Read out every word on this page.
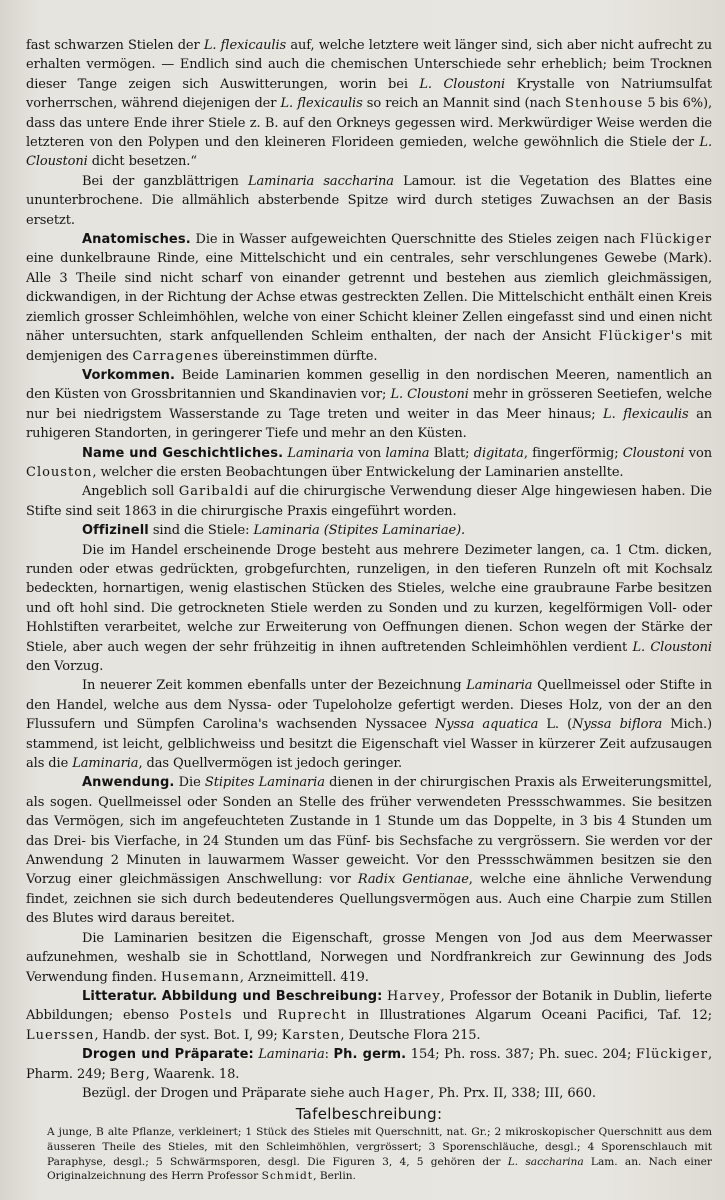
fast schwarzen Stielen der L. flexicaulis auf, welche letztere weit länger sind, sich aber nicht aufrecht zu erhalten vermögen. — Endlich sind auch die chemischen Unterschiede sehr erheblich; beim Trocknen dieser Tange zeigen sich Auswitterungen, worin bei L. Cloustoni Krystalle von Natriumsulfat vorherrschen, während diejenigen der L. flexicaulis so reich an Mannit sind (nach Stenhouse 5 bis 6%), dass das untere Ende ihrer Stiele z. B. auf den Orkneys gegessen wird. Merkwürdiger Weise werden die letzteren von den Polypen und den kleineren Florideen gemieden, welche gewöhnlich die Stiele der L. Cloustoni dicht besetzen.“

Bei der ganzblättrigen Laminaria saccharina Lamour. ist die Vegetation des Blattes eine ununterbrochene. Die allmählich absterbende Spitze wird durch stetiges Zuwachsen an der Basis ersetzt.

Anatomisches. Die in Wasser aufgeweichten Querschnitte des Stieles zeigen nach Flückiger eine dunkelbraune Rinde, eine Mittelschicht und ein centrales, sehr verschlungenes Gewebe (Mark). Alle 3 Theile sind nicht scharf von einander getrennt und bestehen aus ziemlich gleichmässigen, dickwandigen, in der Richtung der Achse etwas gestreckten Zellen. Die Mittelschicht enthält einen Kreis ziemlich grosser Schleimhöhlen, welche von einer Schicht kleiner Zellen eingefasst sind und einen nicht näher untersuchten, stark anfquellenden Schleim enthalten, der nach der Ansicht Flückiger's mit demjenigen des Carragenes übereinstimmen dürfte.

Vorkommen. Beide Laminarien kommen gesellig in den nordischen Meeren, namentlich an den Küsten von Grossbritannien und Skandinavien vor; L. Cloustoni mehr in grösseren Seetiefen, welche nur bei niedrigstem Wasserstande zu Tage treten und weiter in das Meer hinaus; L. flexicaulis an ruhigeren Standorten, in geringerer Tiefe und mehr an den Küsten.

Name und Geschichtliches. Laminaria von lamina Blatt; digitata, fingerförmig; Cloustoni von Clouston, welcher die ersten Beobachtungen über Entwickelung der Laminarien anstellte.

Angeblich soll Garibaldi auf die chirurgische Verwendung dieser Alge hingewiesen haben. Die Stifte sind seit 1863 in die chirurgische Praxis eingeführt worden.

Offizinell sind die Stiele: Laminaria (Stipites Laminariae).

Die im Handel erscheinende Droge besteht aus mehrere Dezimeter langen, ca. 1 Ctm. dicken, runden oder etwas gedrückten, grobgefurchten, runzeligen, in den tieferen Runzeln oft mit Kochsalz bedeckten, hornartigen, wenig elastischen Stücken des Stieles, welche eine graubraune Farbe besitzen und oft hohl sind. Die getrockneten Stiele werden zu Sonden und zu kurzen, kegelförmigen Voll- oder Hohlstiften verarbeitet, welche zur Erweiterung von Oeffnungen dienen. Schon wegen der Stärke der Stiele, aber auch wegen der sehr frühzeitig in ihnen auftretenden Schleimhöhlen verdient L. Cloustoni den Vorzug.

In neuerer Zeit kommen ebenfalls unter der Bezeichnung Laminaria Quellmeissel oder Stifte in den Handel, welche aus dem Nyssa- oder Tupeloholze gefertigt werden. Dieses Holz, von der an den Flussufern und Sümpfen Carolina's wachsenden Nyssacee Nyssa aquatica L. (Nyssa biflora Mich.) stammend, ist leicht, gelblichweiss und besitzt die Eigenschaft viel Wasser in kürzerer Zeit aufzusaugen als die Laminaria, das Quellvermögen ist jedoch geringer.

Anwendung. Die Stipites Laminaria dienen in der chirurgischen Praxis als Erweiterungsmittel, als sogen. Quellmeissel oder Sonden an Stelle des früher verwendeten Pressschwammes. Sie besitzen das Vermögen, sich im angefeuchteten Zustande in 1 Stunde um das Doppelte, in 3 bis 4 Stunden um das Drei- bis Vierfache, in 24 Stunden um das Fünf- bis Sechsfache zu vergrössern. Sie werden vor der Anwendung 2 Minuten in lauwarmem Wasser geweicht. Vor den Pressschwämmen besitzen sie den Vorzug einer gleichmässigen Anschwellung: vor Radix Gentianae, welche eine ähnliche Verwendung findet, zeichnen sie sich durch bedeutenderes Quellungsvermögen aus. Auch eine Charpie zum Stillen des Blutes wird daraus bereitet.

Die Laminarien besitzen die Eigenschaft, grosse Mengen von Jod aus dem Meerwasser aufzunehmen, weshalb sie in Schottland, Norwegen und Nordfrankreich zur Gewinnung des Jods Verwendung finden. Husemann, Arzneimittell. 419.

Litteratur. Abbildung und Beschreibung: Harvey, Professor der Botanik in Dublin, lieferte Abbildungen; ebenso Postels und Ruprecht in Illustrationes Algarum Oceani Pacifici, Taf. 12; Luerssen, Handb. der syst. Bot. I, 99; Karsten, Deutsche Flora 215.

Drogen und Präparate: Laminaria: Ph. germ. 154; Ph. ross. 387; Ph. suec. 204; Flückiger, Pharm. 249; Berg, Waarenk. 18.

Bezügl. der Drogen und Präparate siehe auch Hager, Ph. Prx. II, 338; III, 660.

Tafelbeschreibung:

A junge, B alte Pflanze, verkleinert; 1 Stück des Stieles mit Querschnitt, nat. Gr.; 2 mikroskopischer Querschnitt aus dem äusseren Theile des Stieles, mit den Schleimhöhlen, vergrössert; 3 Sporenschläuche, desgl.; 4 Sporenschlauch mit Paraphyse, desgl.; 5 Schwärmsporen, desgl. Die Figuren 3, 4, 5 gehören der L. saccharina Lam. an. Nach einer Originalzeichnung des Herrn Professor Schmidt, Berlin.
